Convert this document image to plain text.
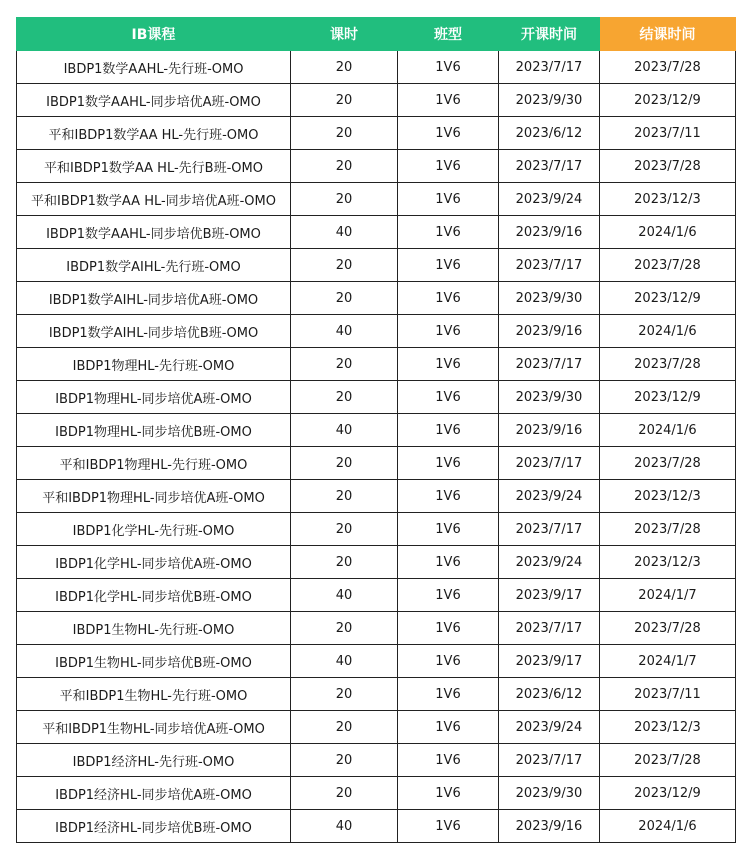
IB课程	课时	班型	开课时间	结课时间
IBDP1数学AAHL-先行班-OMO	20	1V6	2023/7/17	2023/7/28
IBDP1数学AAHL-同步培优A班-OMO	20	1V6	2023/9/30	2023/12/9
平和IBDP1数学AA HL-先行班-OMO	20	1V6	2023/6/12	2023/7/11
平和IBDP1数学AA HL-先行B班-OMO	20	1V6	2023/7/17	2023/7/28
平和IBDP1数学AA HL-同步培优A班-OMO	20	1V6	2023/9/24	2023/12/3
IBDP1数学AAHL-同步培优B班-OMO	40	1V6	2023/9/16	2024/1/6
IBDP1数学AIHL-先行班-OMO	20	1V6	2023/7/17	2023/7/28
IBDP1数学AIHL-同步培优A班-OMO	20	1V6	2023/9/30	2023/12/9
IBDP1数学AIHL-同步培优B班-OMO	40	1V6	2023/9/16	2024/1/6
IBDP1物理HL-先行班-OMO	20	1V6	2023/7/17	2023/7/28
IBDP1物理HL-同步培优A班-OMO	20	1V6	2023/9/30	2023/12/9
IBDP1物理HL-同步培优B班-OMO	40	1V6	2023/9/16	2024/1/6
平和IBDP1物理HL-先行班-OMO	20	1V6	2023/7/17	2023/7/28
平和IBDP1物理HL-同步培优A班-OMO	20	1V6	2023/9/24	2023/12/3
IBDP1化学HL-先行班-OMO	20	1V6	2023/7/17	2023/7/28
IBDP1化学HL-同步培优A班-OMO	20	1V6	2023/9/24	2023/12/3
IBDP1化学HL-同步培优B班-OMO	40	1V6	2023/9/17	2024/1/7
IBDP1生物HL-先行班-OMO	20	1V6	2023/7/17	2023/7/28
IBDP1生物HL-同步培优B班-OMO	40	1V6	2023/9/17	2024/1/7
平和IBDP1生物HL-先行班-OMO	20	1V6	2023/6/12	2023/7/11
平和IBDP1生物HL-同步培优A班-OMO	20	1V6	2023/9/24	2023/12/3
IBDP1经济HL-先行班-OMO	20	1V6	2023/7/17	2023/7/28
IBDP1经济HL-同步培优A班-OMO	20	1V6	2023/9/30	2023/12/9
IBDP1经济HL-同步培优B班-OMO	40	1V6	2023/9/16	2024/1/6
